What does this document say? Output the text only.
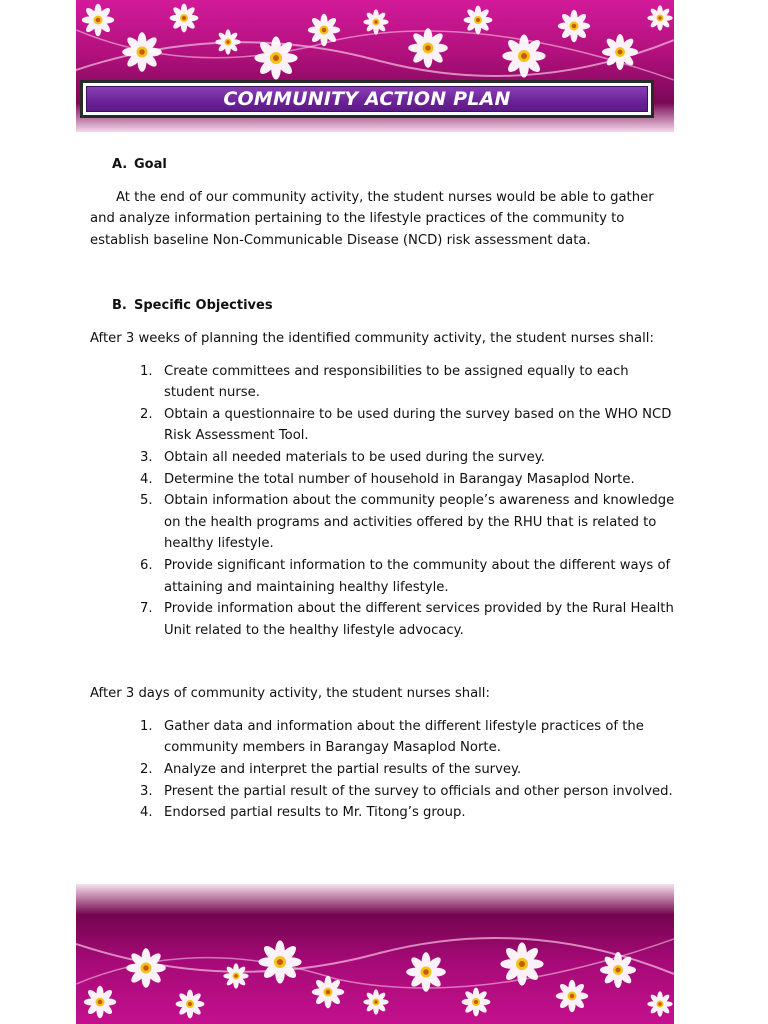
COMMUNITY ACTION PLAN
A. Goal

At the end of our community activity, the student nurses would be able to gather and analyze information pertaining to the lifestyle practices of the community to establish baseline Non-Communicable Disease (NCD) risk assessment data.

B. Specific Objectives

After 3 weeks of planning the identified community activity, the student nurses shall:

1. Create committees and responsibilities to be assigned equally to each student nurse.
2. Obtain a questionnaire to be used during the survey based on the WHO NCD Risk Assessment Tool.
3. Obtain all needed materials to be used during the survey.
4. Determine the total number of household in Barangay Masaplod Norte.
5. Obtain information about the community people’s awareness and knowledge on the health programs and activities offered by the RHU that is related to healthy lifestyle.
6. Provide significant information to the community about the different ways of attaining and maintaining healthy lifestyle.
7. Provide information about the different services provided by the Rural Health Unit related to the healthy lifestyle advocacy.

After 3 days of community activity, the student nurses shall:

1. Gather data and information about the different lifestyle practices of the community members in Barangay Masaplod Norte.
2. Analyze and interpret the partial results of the survey.
3. Present the partial result of the survey to officials and other person involved.
4. Endorsed partial results to Mr. Titong’s group.
